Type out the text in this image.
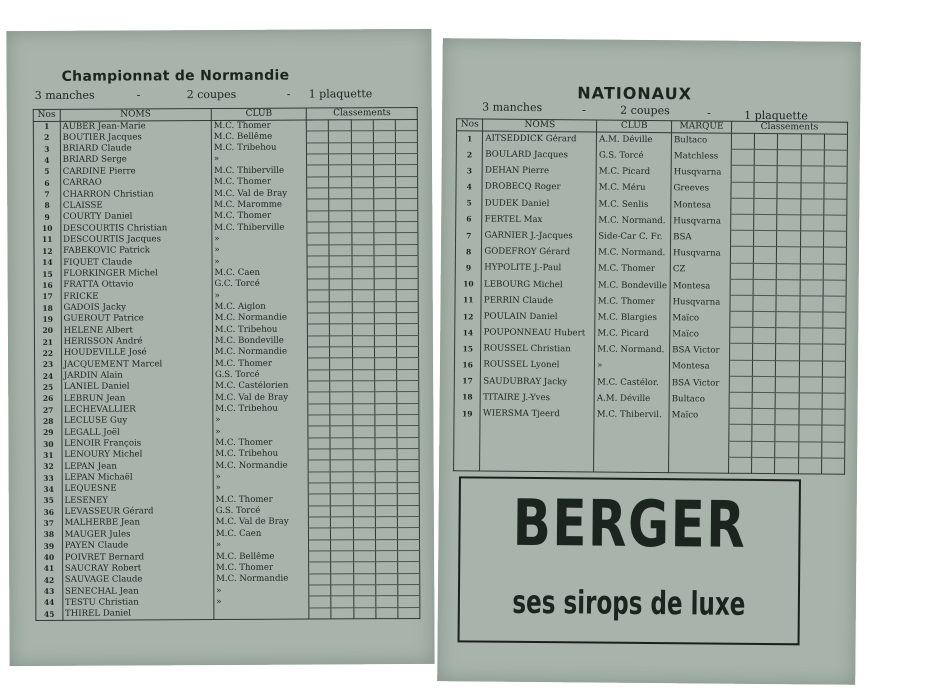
Championnat de Normandie
3 manches	-	2 coupes	- 1 plaquette
Nos	NOMS	CLUB	Classements				
1	AUBER Jean-Marie	M.C. Thomer					
2	BOUTIER Jacques	M.C. Bellême					
3	BRIARD Claude	M.C. Tribehou					
4	BRIARD Serge	»					
5	CARDINE Pierre	M.C. Thiberville					
6	CARRAO	M.C. Thomer					
7	CHARRON Christian	M.C. Val de Bray					
8	CLAISSE	M.C. Maromme					
9	COURTY Daniel	M.C. Thomer					
10	DESCOURTIS Christian	M.C. Thiberville					
11	DESCOURTIS Jacques	»					
12	FABEKOVIC Patrick	»					
14	FIQUET Claude	»					
15	FLORKINGER Michel	M.C. Caen					
16	FRATTA Ottavio	G.C. Torcé					
17	FRICKE	»					
18	GADOIS Jacky	M.C. Aiglon					
19	GUEROUT Patrice	M.C. Normandie					
20	HELENE Albert	M.C. Tribehou					
21	HERISSON André	M.C. Bondeville					
22	HOUDEVILLE José	M.C. Normandie					
23	JACQUEMENT Marcel	M.C. Thomer					
24	JARDIN Alain	G.S. Torcé					
25	LANIEL Daniel	M.C. Castélorien					
26	LEBRUN Jean	M.C. Val de Bray					
27	LECHEVALLIER	M.C. Tribehou					
28	LECLUSE Guy	»					
29	LEGALL Joël	»					
30	LENOIR François	M.C. Thomer					
31	LENOURY Michel	M.C. Tribehou					
32	LEPAN Jean	M.C. Normandie					
33	LEPAN Michaël	»					
34	LEQUESNE	»					
35	LESENEY	M.C. Thomer					
36	LEVASSEUR Gérard	G.S. Torcé					
37	MALHERBE Jean	M.C. Val de Bray					
38	MAUGER Jules	M.C. Caen					
39	PAYEN Claude	»					
40	POIVRET Bernard	M.C. Bellême					
41	SAUCRAY Robert	M.C. Thomer					
42	SAUVAGE Claude	M.C. Normandie					
43	SENECHAL Jean	»					
44	TESTU Christian	»					
45	THIREL Daniel						
NATIONAUX
3 manches	-	2 coupes	-	1 plaquette
Nos	NOMS	CLUB	MARQUE	Classements				
1	AITSEDDICK Gérard	A.M. Déville	Bultaco					
2	BOULARD Jacques	G.S. Torcé	Matchless					
3	DEHAN Pierre	M.C. Picard	Husqvarna					
4	DROBECQ Roger	M.C. Méru	Greeves					
5	DUDEK Daniel	M.C. Senlis	Montesa					
6	FERTEL Max	M.C. Normand.	Husqvarna					
7	GARNIER J.-Jacques	Side-Car C. Fr.	BSA					
8	GODEFROY Gérard	M.C. Normand.	Husqvarna					
9	HYPOLITE J.-Paul	M.C. Thomer	CZ					
10	LEBOURG Michel	M.C. Bondeville	Montesa					
11	PERRIN Claude	M.C. Thomer	Husqvarna					
12	POULAIN Daniel	M.C. Blargies	Maïco					
14	POUPONNEAU Hubert	M.C. Picard	Maïco					
15	ROUSSEL Christian	M.C. Normand.	BSA Victor					
16	ROUSSEL Lyonel	»	Montesa					
17	SAUDUBRAY Jacky	M.C. Castélor.	BSA Victor					
18	TITAIRE J.-Yves	A.M. Déville	Bultaco					
19	WIERSMA Tjeerd	M.C. Thibervil.	Maïco					

BERGER
ses sirops de luxe
